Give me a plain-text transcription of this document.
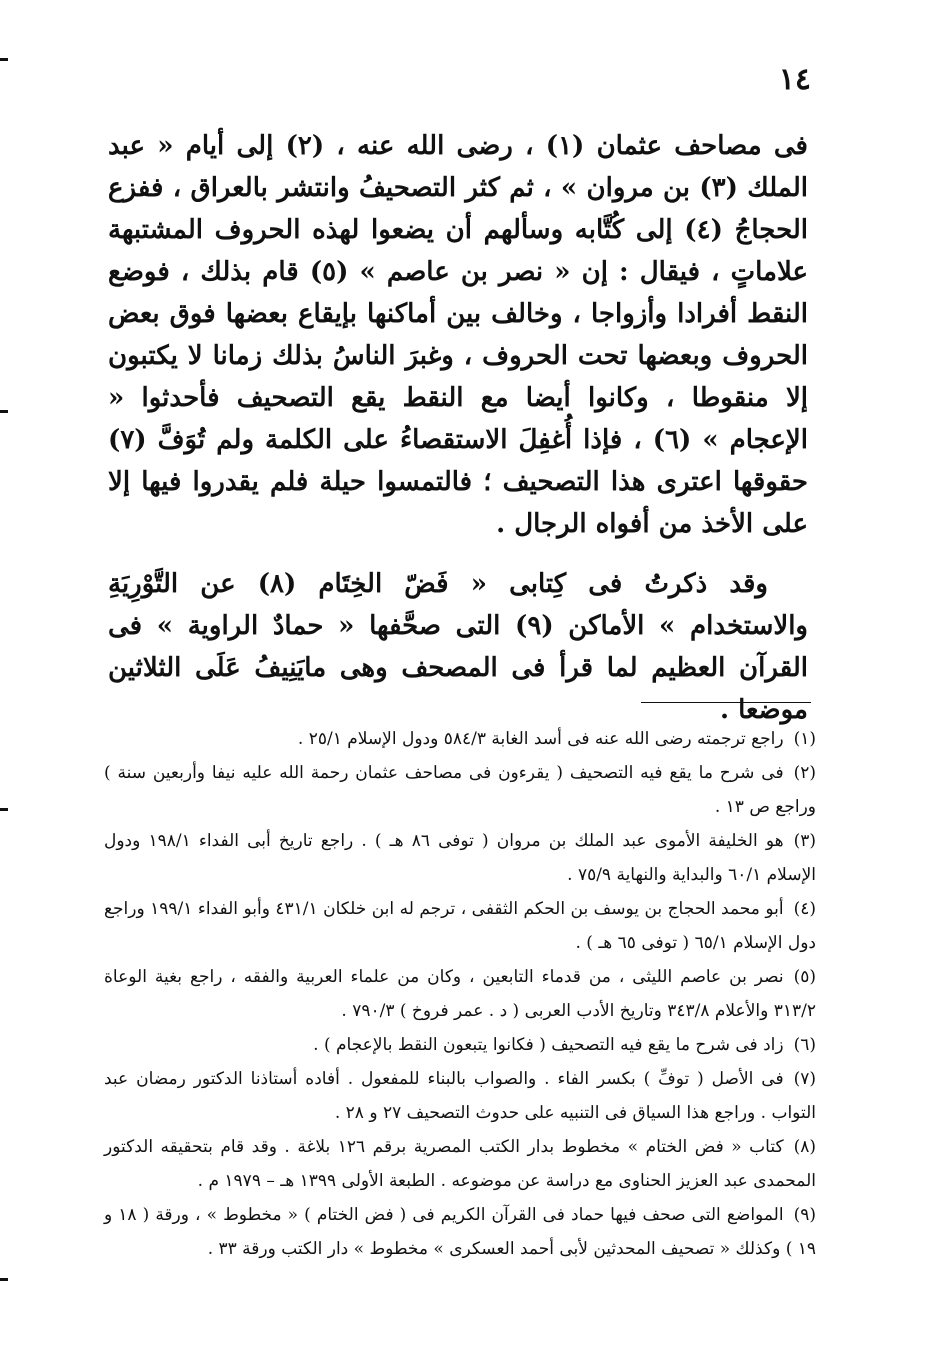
١٤

فى مصاحف عثمان (١) ، رضى الله عنه ، (٢) إلى أيام « عبد الملك (٣) بن مروان » ، ثم كثر التصحيفُ وانتشر بالعراق ، ففزع الحجاجُ (٤) إلى كُتَّابه وسألهم أن يضعوا لهذه الحروف المشتبهة علاماتٍ ، فيقال : إن « نصر بن عاصم » (٥) قام بذلك ، فوضع النقط أفرادا وأزواجا ، وخالف بين أماكنها بإيقاع بعضها فوق بعض الحروف وبعضها تحت الحروف ، وغبرَ الناسُ بذلك زمانا لا يكتبون إلا منقوطا ، وكانوا أيضا مع النقط يقع التصحيف فأحدثوا « الإعجام » (٦) ، فإذا أُغفِلَ الاستقصاءُ على الكلمة ولم تُوَفَّ (٧) حقوقها اعترى هذا التصحيف ؛ فالتمسوا حيلة فلم يقدروا فيها إلا على الأخذ من أفواه الرجال .

وقد ذكرتُ فى كِتابى « فَضّ الخِتَام (٨) عن التَّوْرِيَةِ والاستخدام » الأماكن (٩) التى صحَّفها « حمادٌ الراوية » فى القرآن العظيم لما قرأ فى المصحف وهى مايَنِيفُ عَلَى الثلاثين موضعا .

(١)راجع ترجمته رضى الله عنه فى أسد الغابة ٥٨٤/٣ ودول الإسلام ٢٥/١ .

(٢)فى شرح ما يقع فيه التصحيف ( يقرءون فى مصاحف عثمان رحمة الله عليه نيفا وأربعين سنة ) وراجع ص ١٣ .

(٣)هو الخليفة الأموى عبد الملك بن مروان ( توفى ٨٦ هـ ) . راجع تاريخ أبى الفداء ١٩٨/١ ودول الإسلام ٦٠/١ والبداية والنهاية ٧٥/٩ .

(٤)أبو محمد الحجاج بن يوسف بن الحكم الثقفى ، ترجم له ابن خلكان ٤٣١/١ وأبو الفداء ١٩٩/١ وراجع دول الإسلام ٦٥/١ ( توفى ٦٥ هـ ) .

(٥)نصر بن عاصم الليثى ، من قدماء التابعين ، وكان من علماء العربية والفقه ، راجع بغية الوعاة ٣١٣/٢ والأعلام ٣٤٣/٨ وتاريخ الأدب العربى ( د . عمر فروخ ) ٧٩٠/٣ .

(٦)زاد فى شرح ما يقع فيه التصحيف ( فكانوا يتبعون النقط بالإعجام ) .

(٧)فى الأصل ( توفِّ ) بكسر الفاء . والصواب بالبناء للمفعول . أفاده أستاذنا الدكتور رمضان عبد التواب . وراجع هذا السياق فى التنبيه على حدوث التصحيف ٢٧ و ٢٨ .

(٨)كتاب « فض الختام » مخطوط بدار الكتب المصرية برقم ١٢٦ بلاغة . وقد قام بتحقيقه الدكتور المحمدى عبد العزيز الحناوى مع دراسة عن موضوعه . الطبعة الأولى ١٣٩٩ هـ – ١٩٧٩ م .

(٩)المواضع التى صحف فيها حماد فى القرآن الكريم فى ( فض الختام ) « مخطوط » ، ورقة ( ١٨ و ١٩ ) وكذلك « تصحيف المحدثين لأبى أحمد العسكرى » مخطوط » دار الكتب ورقة ٣٣ .
